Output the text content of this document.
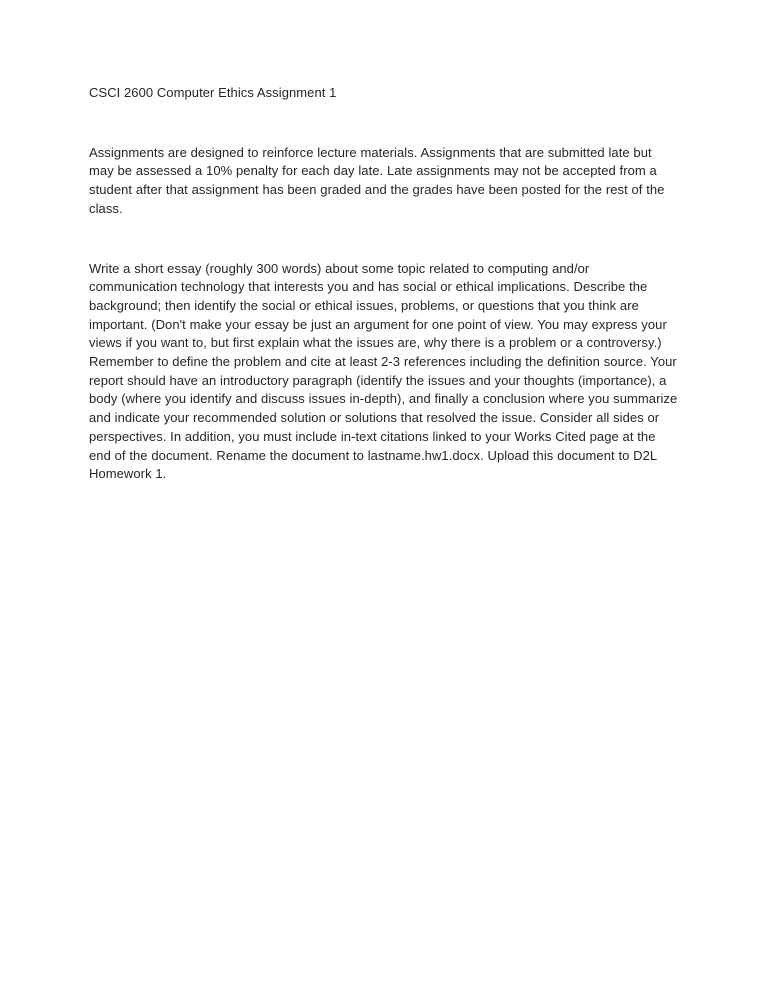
CSCI 2600 Computer Ethics Assignment 1

Assignments are designed to reinforce lecture materials. Assignments that are submitted late but may be assessed a 10% penalty for each day late. Late assignments may not be accepted from a student after that assignment has been graded and the grades have been posted for the rest of the class.

Write a short essay (roughly 300 words) about some topic related to computing and/or communication technology that interests you and has social or ethical implications. Describe the background; then identify the social or ethical issues, problems, or questions that you think are important. (Don't make your essay be just an argument for one point of view. You may express your views if you want to, but first explain what the issues are, why there is a problem or a controversy.) Remember to define the problem and cite at least 2-3 references including the definition source. Your report should have an introductory paragraph (identify the issues and your thoughts (importance), a body (where you identify and discuss issues in-depth), and finally a conclusion where you summarize and indicate your recommended solution or solutions that resolved the issue. Consider all sides or perspectives. In addition, you must include in-text citations linked to your Works Cited page at the end of the document. Rename the document to lastname.hw1.docx. Upload this document to D2L Homework 1.
